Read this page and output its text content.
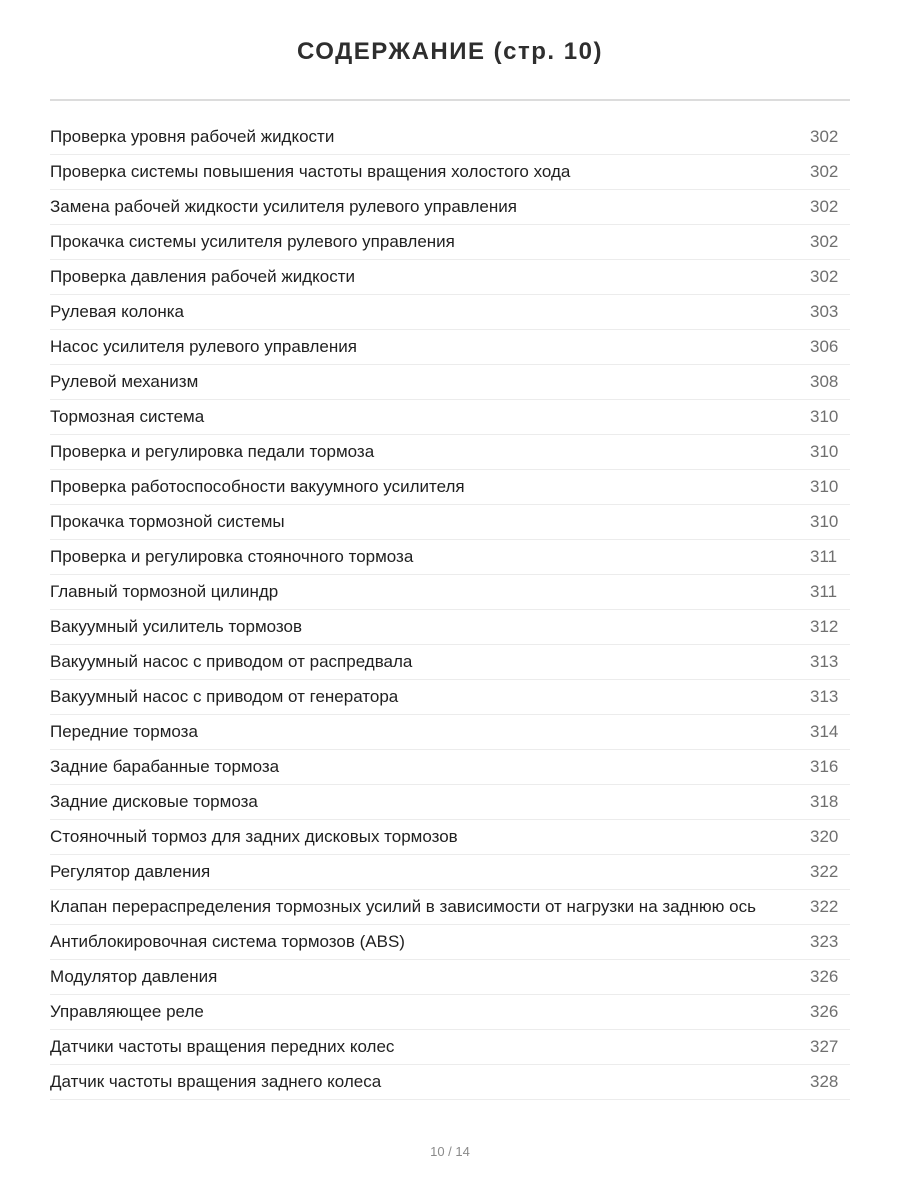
СОДЕРЖАНИЕ (стр. 10)
Проверка уровня рабочей жидкости	302
Проверка системы повышения частоты вращения холостого хода	302
Замена рабочей жидкости усилителя рулевого управления	302
Прокачка системы усилителя рулевого управления	302
Проверка давления рабочей жидкости	302
Рулевая колонка	303
Насос усилителя рулевого управления	306
Рулевой механизм	308
Тормозная система	310
Проверка и регулировка педали тормоза	310
Проверка работоспособности вакуумного усилителя	310
Прокачка тормозной системы	310
Проверка и регулировка стояночного тормоза	311
Главный тормозной цилиндр	311
Вакуумный усилитель тормозов	312
Вакуумный насос с приводом от распредвала	313
Вакуумный насос с приводом от генератора	313
Передние тормоза	314
Задние барабанные тормоза	316
Задние дисковые тормоза	318
Стояночный тормоз для задних дисковых тормозов	320
Регулятор давления	322
Клапан перераспределения тормозных усилий в зависимости от нагрузки на заднюю ось	322
Антиблокировочная система тормозов (ABS)	323
Модулятор давления	326
Управляющее реле	326
Датчики частоты вращения передних колес	327
Датчик частоты вращения заднего колеса	328
10 / 14
